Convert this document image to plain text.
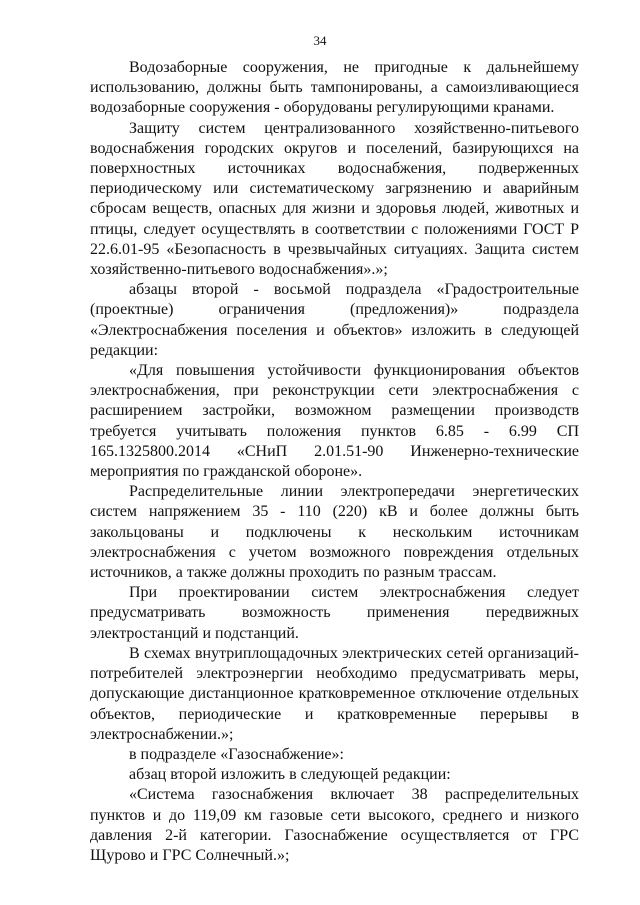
34

Водозаборные сооружения, не пригодные к дальнейшему использованию, должны быть тампонированы, а самоизливающиеся водозаборные сооружения - оборудованы регулирующими кранами.

Защиту систем централизованного хозяйственно-питьевого водоснабжения городских округов и поселений, базирующихся на поверхностных источниках водоснабжения, подверженных периодическому или систематическому загрязнению и аварийным сбросам веществ, опасных для жизни и здоровья людей, животных и птицы, следует осуществлять в соответствии с положениями ГОСТ Р 22.6.01-95 «Безопасность в чрезвычайных ситуациях. Защита систем хозяйственно-питьевого водоснабжения».»;

абзацы второй - восьмой подраздела «Градостроительные (проектные) ограничения (предложения)» подраздела «Электроснабжения поселения и объектов» изложить в следующей редакции:

«Для повышения устойчивости функционирования объектов электроснабжения, при реконструкции сети электроснабжения с расширением застройки, возможном размещении производств требуется учитывать положения пунктов 6.85 - 6.99 СП 165.1325800.2014 «СНиП 2.01.51-90 Инженерно-технические мероприятия по гражданской обороне».

Распределительные линии электропередачи энергетических систем напряжением 35 - 110 (220) кВ и более должны быть закольцованы и подключены к нескольким источникам электроснабжения с учетом возможного повреждения отдельных источников, а также должны проходить по разным трассам.

При проектировании систем электроснабжения следует предусматривать возможность применения передвижных электростанций и подстанций.

В схемах внутриплощадочных электрических сетей организаций-потребителей электроэнергии необходимо предусматривать меры, допускающие дистанционное кратковременное отключение отдельных объектов, периодические и кратковременные перерывы в электроснабжении.»;

в подразделе «Газоснабжение»:

абзац второй изложить в следующей редакции:

«Система газоснабжения включает 38 распределительных пунктов и до 119,09 км газовые сети высокого, среднего и низкого давления 2-й категории. Газоснабжение осуществляется от ГРС Щурово и ГРС Солнечный.»;
